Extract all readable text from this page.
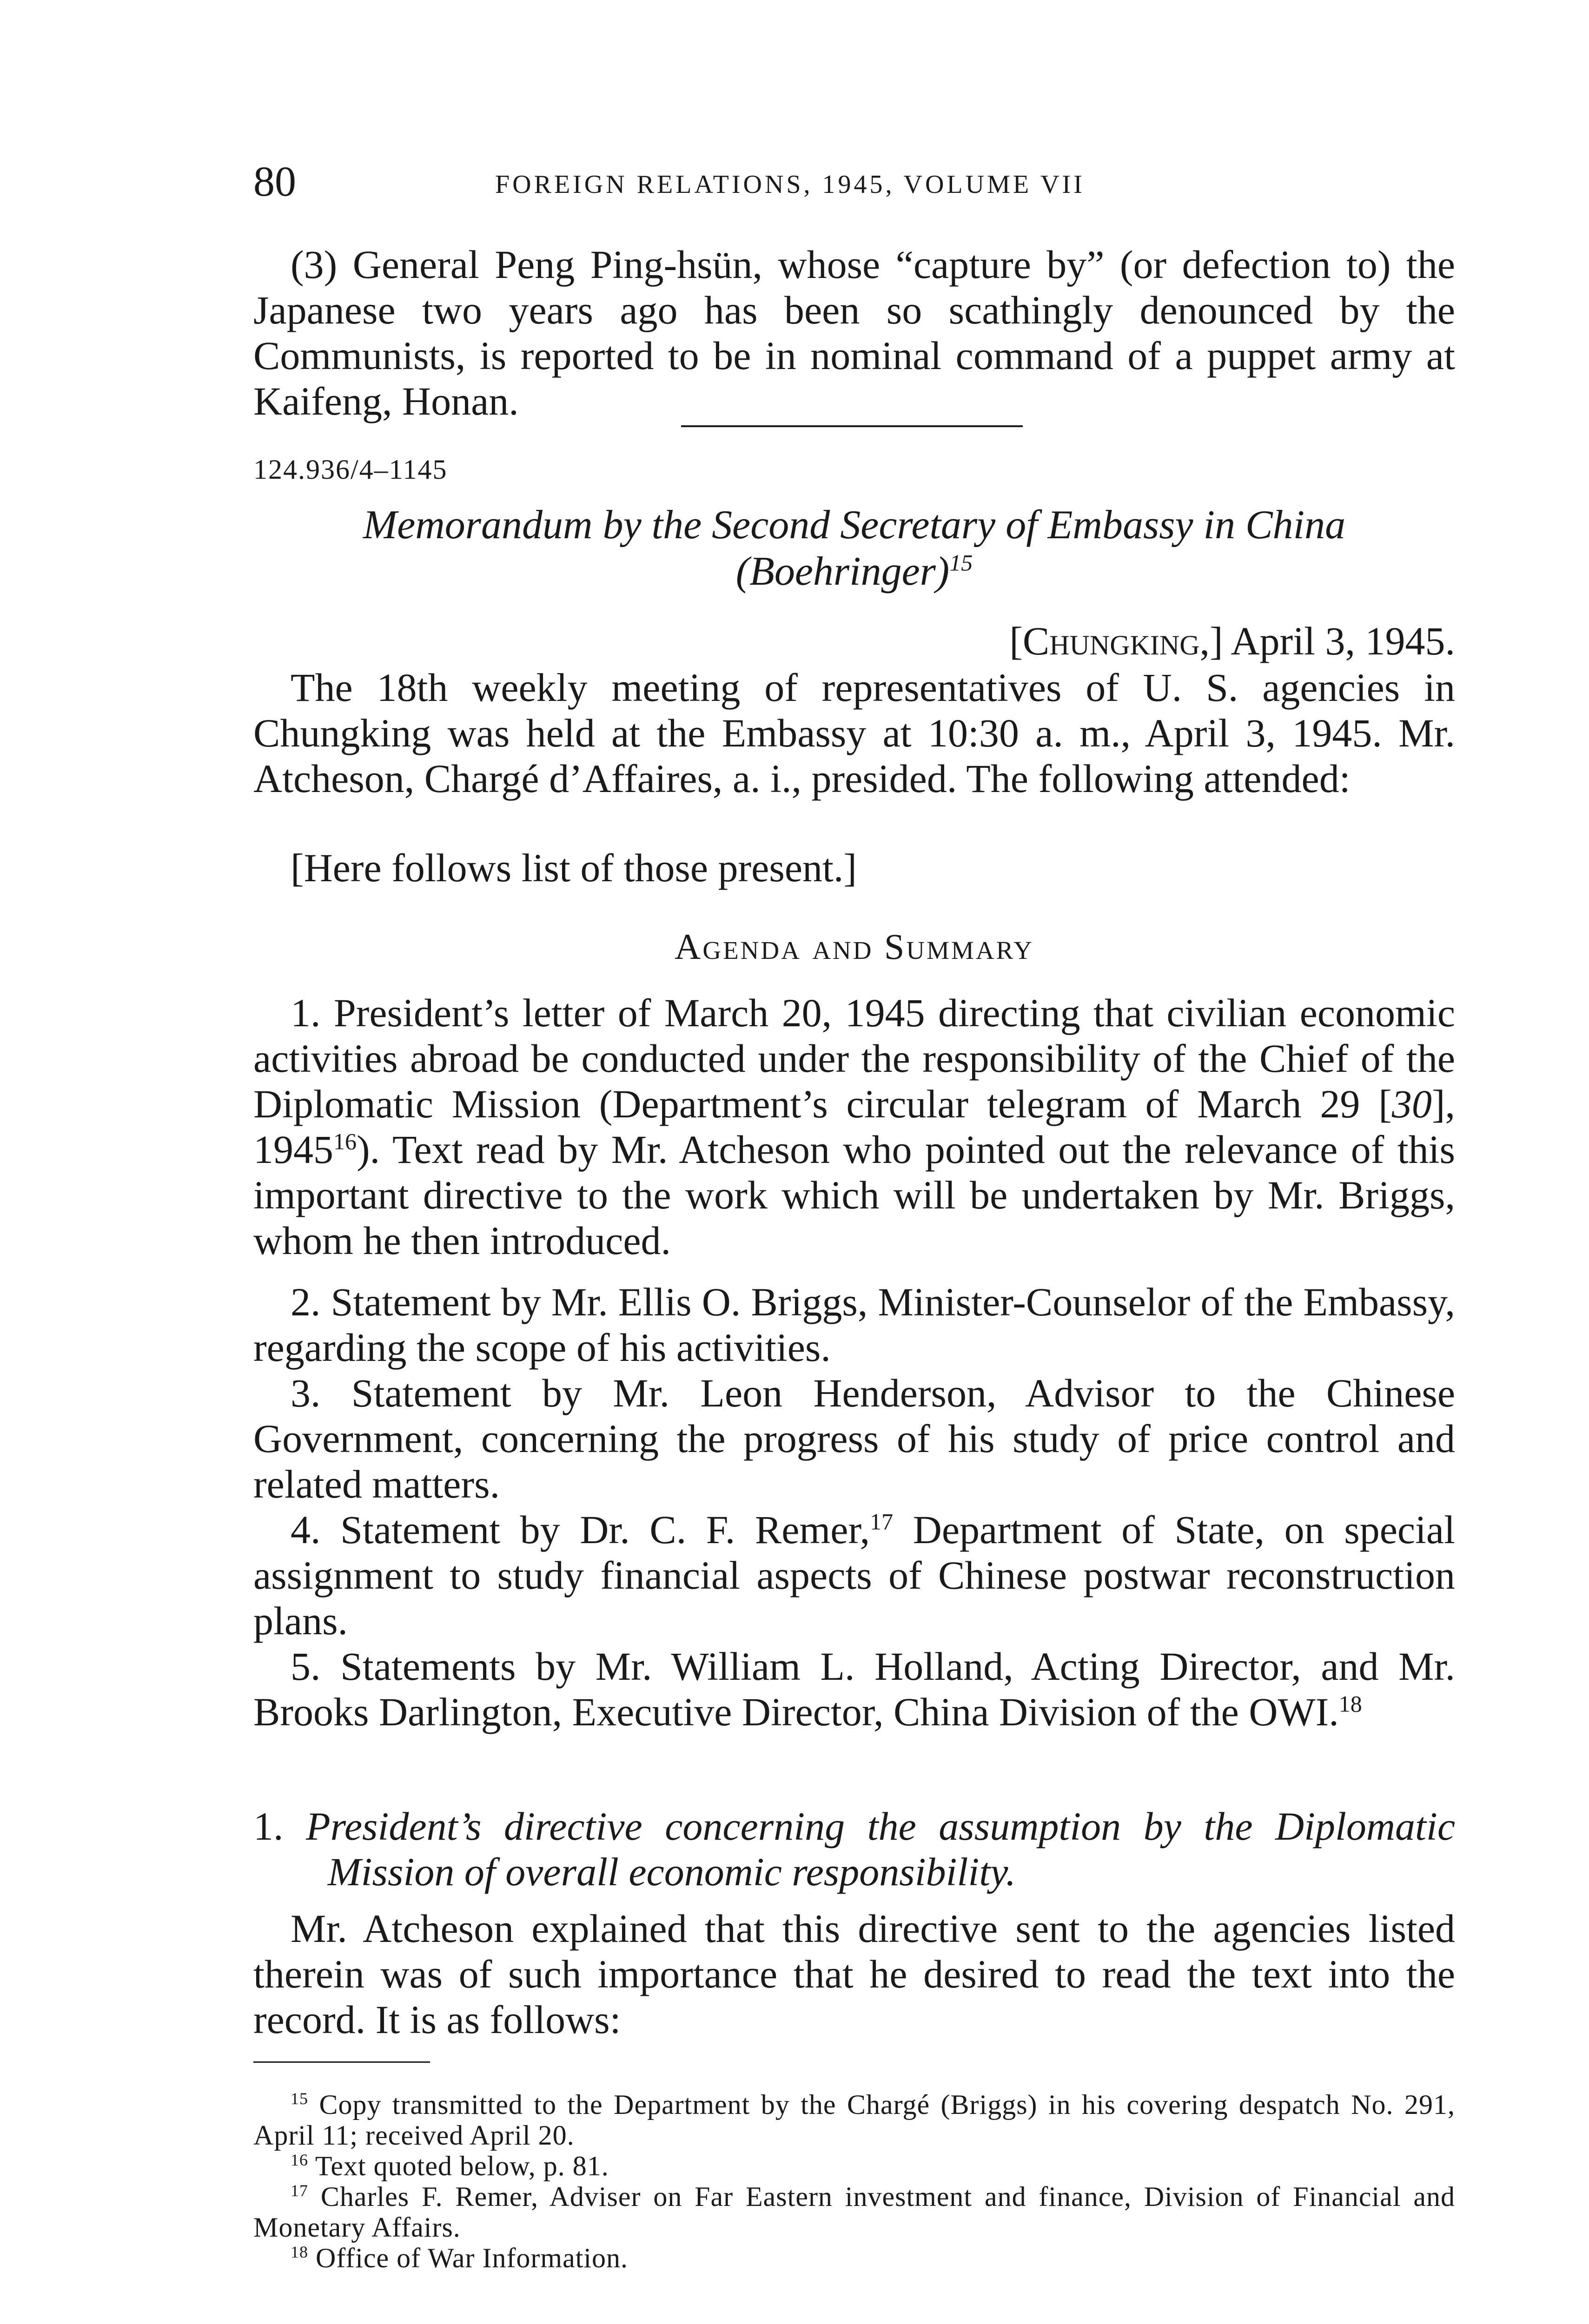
80	FOREIGN RELATIONS, 1945, VOLUME VII

(3) General Peng Ping-hsün, whose “capture by” (or defection to) the Japanese two years ago has been so scathingly denounced by the Communists, is reported to be in nominal command of a puppet army at Kaifeng, Honan.

124.936/4–1145

Memorandum by the Second Secretary of Embassy in China
(Boehringer)$^{15}$

[Chungking,] April 3, 1945.

The 18th weekly meeting of representatives of U. S. agencies in Chungking was held at the Embassy at 10:30 a. m., April 3, 1945. Mr. Atcheson, Chargé d’Affaires, a. i., presided. The following attended:

[Here follows list of those present.]

Agenda and Summary

1. President’s letter of March 20, 1945 directing that civilian economic activities abroad be conducted under the responsibility of the Chief of the Diplomatic Mission (Department’s circular telegram of March 29 [30], 1945$^{16}$). Text read by Mr. Atcheson who pointed out the relevance of this important directive to the work which will be undertaken by Mr. Briggs, whom he then introduced.

2. Statement by Mr. Ellis O. Briggs, Minister-Counselor of the Embassy, regarding the scope of his activities.

3. Statement by Mr. Leon Henderson, Advisor to the Chinese Government, concerning the progress of his study of price control and related matters.

4. Statement by Dr. C. F. Remer,$^{17}$ Department of State, on special assignment to study financial aspects of Chinese postwar reconstruction plans.

5. Statements by Mr. William L. Holland, Acting Director, and Mr. Brooks Darlington, Executive Director, China Division of the OWI.$^{18}$

1. President’s directive concerning the assumption by the Diplomatic Mission of overall economic responsibility.

Mr. Atcheson explained that this directive sent to the agencies listed therein was of such importance that he desired to read the text into the record. It is as follows:

$^{15}$ Copy transmitted to the Department by the Chargé (Briggs) in his covering despatch No. 291, April 11; received April 20.

$^{16}$ Text quoted below, p. 81.

$^{17}$ Charles F. Remer, Adviser on Far Eastern investment and finance, Division of Financial and Monetary Affairs.

$^{18}$ Office of War Information.
